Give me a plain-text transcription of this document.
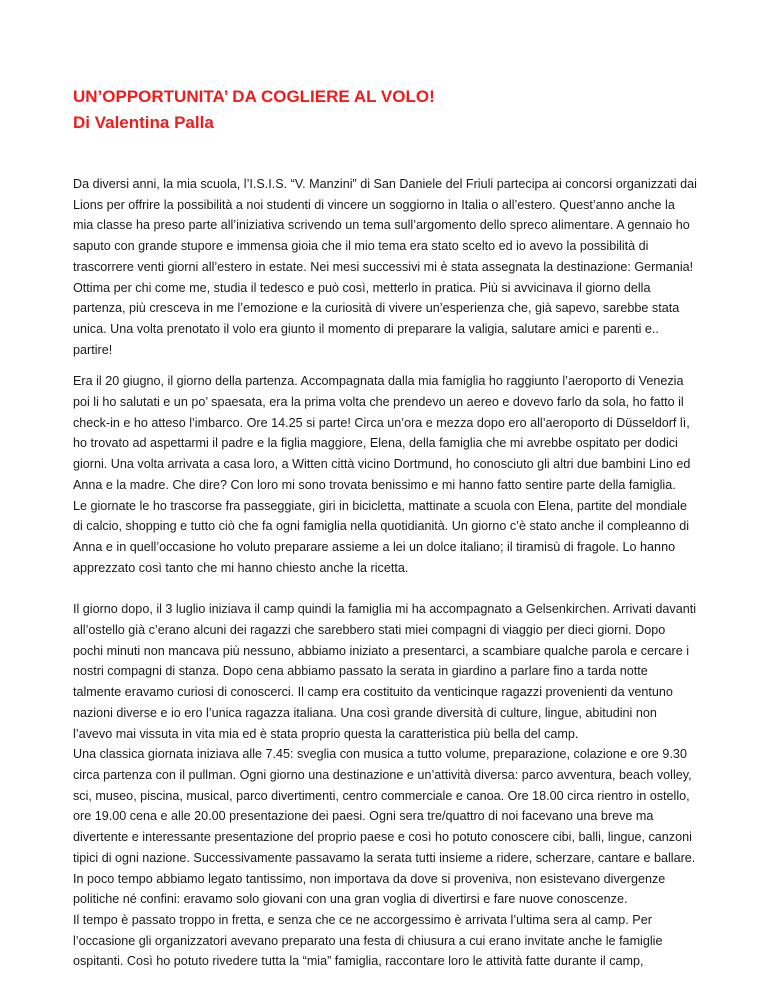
UN’OPPORTUNITA’ DA COGLIERE AL VOLO!
Di Valentina Palla

Da diversi anni, la mia scuola, l’I.S.I.S. “V. Manzini” di San Daniele del Friuli partecipa ai concorsi organizzati dai Lions per offrire la possibilità a noi studenti di vincere un soggiorno in Italia o all’estero. Quest’anno anche la mia classe ha preso parte all’iniziativa scrivendo un tema sull’argomento dello spreco alimentare. A gennaio ho saputo con grande stupore e immensa gioia che il mio tema era stato scelto ed io avevo la possibilità di trascorrere venti giorni all’estero in estate. Nei mesi successivi mi è stata assegnata la destinazione: Germania! Ottima per chi come me, studia il tedesco e può così, metterlo in pratica. Più si avvicinava il giorno della partenza, più cresceva in me l’emozione e la curiosità di vivere un’esperienza che, già sapevo, sarebbe stata unica. Una volta prenotato il volo era giunto il momento di preparare la valigia, salutare amici e parenti e.. partire!

Era il 20 giugno, il giorno della partenza. Accompagnata dalla mia famiglia ho raggiunto l’aeroporto di Venezia poi li ho salutati e un po’ spaesata, era la prima volta che prendevo un aereo e dovevo farlo da sola, ho fatto il check-in e ho atteso l’imbarco. Ore 14.25 si parte! Circa un’ora e mezza dopo ero all’aeroporto di Düsseldorf lì, ho trovato ad aspettarmi il padre e la figlia maggiore, Elena, della famiglia che mi avrebbe ospitato per dodici giorni. Una volta arrivata a casa loro, a Witten città vicino Dortmund, ho conosciuto gli altri due bambini Lino ed Anna e la madre. Che dire? Con loro mi sono trovata benissimo e mi hanno fatto sentire parte della famiglia.

Le giornate le ho trascorse fra passeggiate, giri in bicicletta, mattinate a scuola con Elena, partite del mondiale di calcio, shopping e tutto ciò che fa ogni famiglia nella quotidianità. Un giorno c’è stato anche il compleanno di Anna e in quell’occasione ho voluto preparare assieme a lei un dolce italiano; il tiramisù di fragole. Lo hanno apprezzato così tanto che mi hanno chiesto anche la ricetta.

Il giorno dopo, il 3 luglio iniziava il camp quindi la famiglia mi ha accompagnato a Gelsenkirchen. Arrivati davanti all’ostello già c’erano alcuni dei ragazzi che sarebbero stati miei compagni di viaggio per dieci giorni. Dopo pochi minuti non mancava più nessuno, abbiamo iniziato a presentarci, a scambiare qualche parola e cercare i nostri compagni di stanza. Dopo cena abbiamo passato la serata in giardino a parlare fino a tarda notte talmente eravamo curiosi di conoscerci. Il camp era costituito da venticinque ragazzi provenienti da ventuno nazioni diverse e io ero l’unica ragazza italiana. Una così grande diversità di culture, lingue, abitudini non l’avevo mai vissuta in vita mia ed è stata proprio questa la caratteristica più bella del camp.

Una classica giornata iniziava alle 7.45: sveglia con musica a tutto volume, preparazione, colazione e ore 9.30 circa partenza con il pullman. Ogni giorno una destinazione e un’attività diversa: parco avventura, beach volley, sci, museo, piscina, musical, parco divertimenti, centro commerciale e canoa. Ore 18.00 circa rientro in ostello, ore 19.00 cena e alle 20.00 presentazione dei paesi. Ogni sera tre/quattro di noi facevano una breve ma divertente e interessante presentazione del proprio paese e così ho potuto conoscere cibi, balli, lingue, canzoni tipici di ogni nazione. Successivamente passavamo la serata tutti insieme a ridere, scherzare, cantare e ballare. In poco tempo abbiamo legato tantissimo, non importava da dove si proveniva, non esistevano divergenze politiche né confini: eravamo solo giovani con una gran voglia di divertirsi e fare nuove conoscenze.

Il tempo è passato troppo in fretta, e senza che ce ne accorgessimo è arrivata l’ultima sera al camp. Per l’occasione gli organizzatori avevano preparato una festa di chiusura a cui erano invitate anche le famiglie ospitanti. Così ho potuto rivedere tutta la “mia” famiglia, raccontare loro le attività fatte durante il camp,
